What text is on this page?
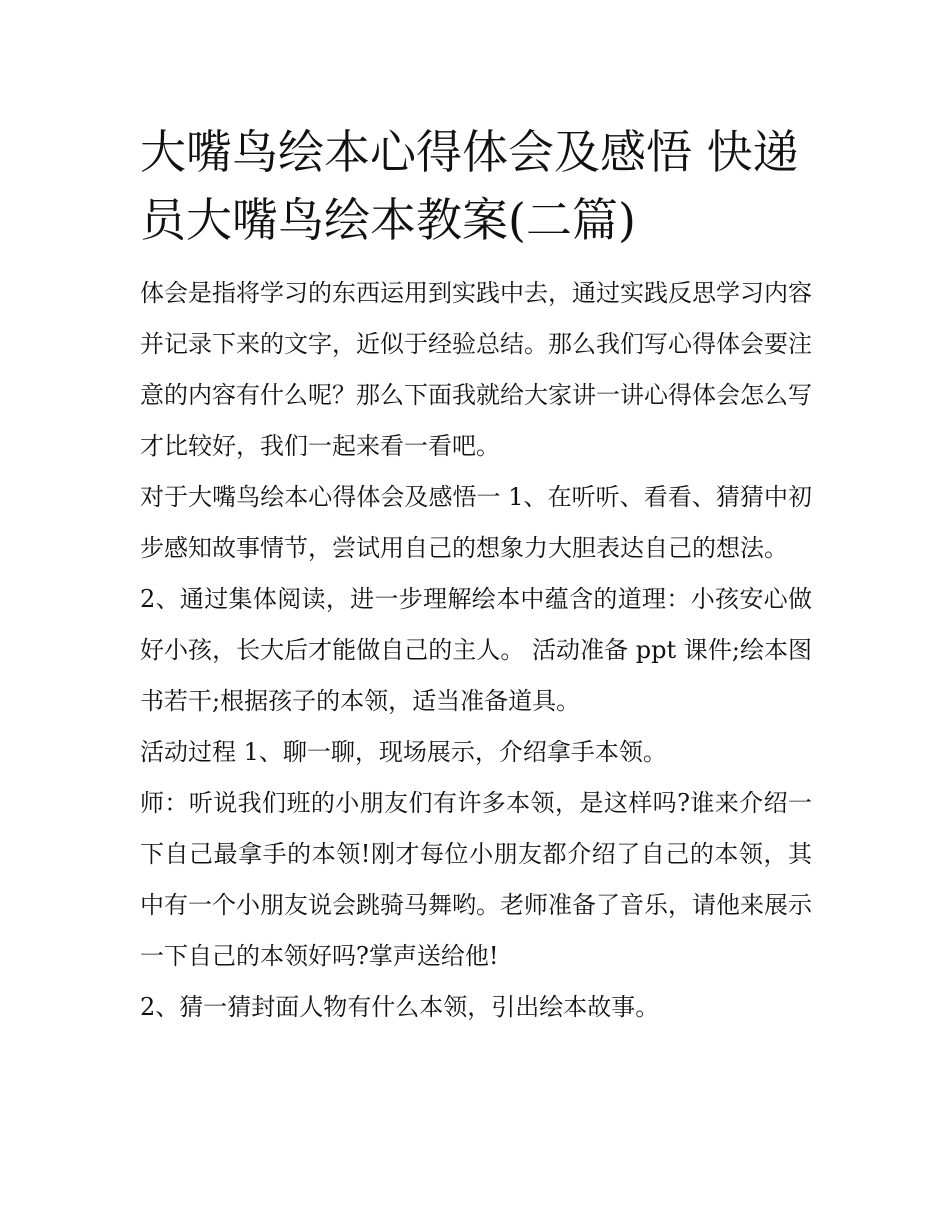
大嘴鸟绘本心得体会及感悟 快递员大嘴鸟绘本教案(二篇)

体会是指将学习的东西运用到实践中去，通过实践反思学习内容并记录下来的文字，近似于经验总结。那么我们写心得体会要注意的内容有什么呢？那么下面我就给大家讲一讲心得体会怎么写才比较好，我们一起来看一看吧。

对于大嘴鸟绘本心得体会及感悟一 1、在听听、看看、猜猜中初步感知故事情节，尝试用自己的想象力大胆表达自己的想法。

2、通过集体阅读，进一步理解绘本中蕴含的道理：小孩安心做好小孩，长大后才能做自己的主人。 活动准备 ppt 课件;绘本图书若干;根据孩子的本领，适当准备道具。

活动过程 1、聊一聊，现场展示，介绍拿手本领。

师：听说我们班的小朋友们有许多本领，是这样吗?谁来介绍一下自己最拿手的本领!刚才每位小朋友都介绍了自己的本领，其中有一个小朋友说会跳骑马舞哟。老师准备了音乐，请他来展示一下自己的本领好吗?掌声送给他!

2、猜一猜封面人物有什么本领，引出绘本故事。
